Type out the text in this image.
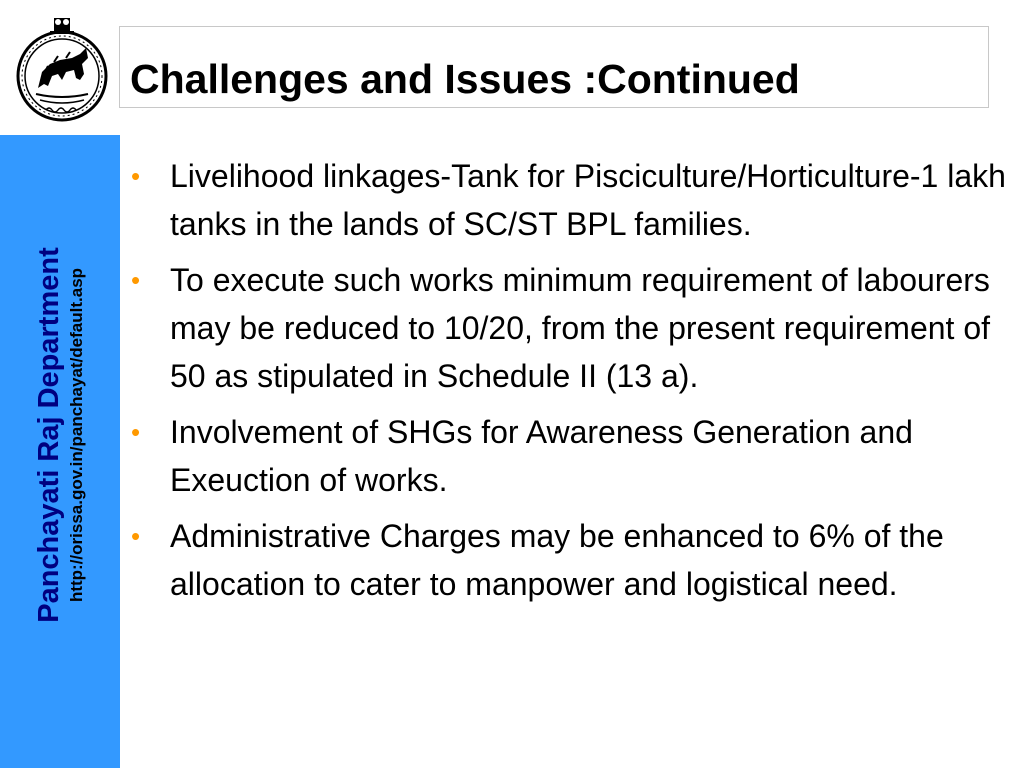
Challenges and Issues :Continued
Panchayati Raj Department http://orissa.gov.in/panchayat/default.asp
• Livelihood linkages-Tank for Pisciculture/Horticulture-1 lakh tanks in the lands of SC/ST BPL families.
• To execute such works minimum requirement of labourers may be reduced to 10/20, from the present requirement of 50 as stipulated in Schedule II (13 a).
• Involvement of SHGs for Awareness Generation and Exeuction of works.
• Administrative Charges may be enhanced to 6% of the allocation to cater to manpower and logistical need.
